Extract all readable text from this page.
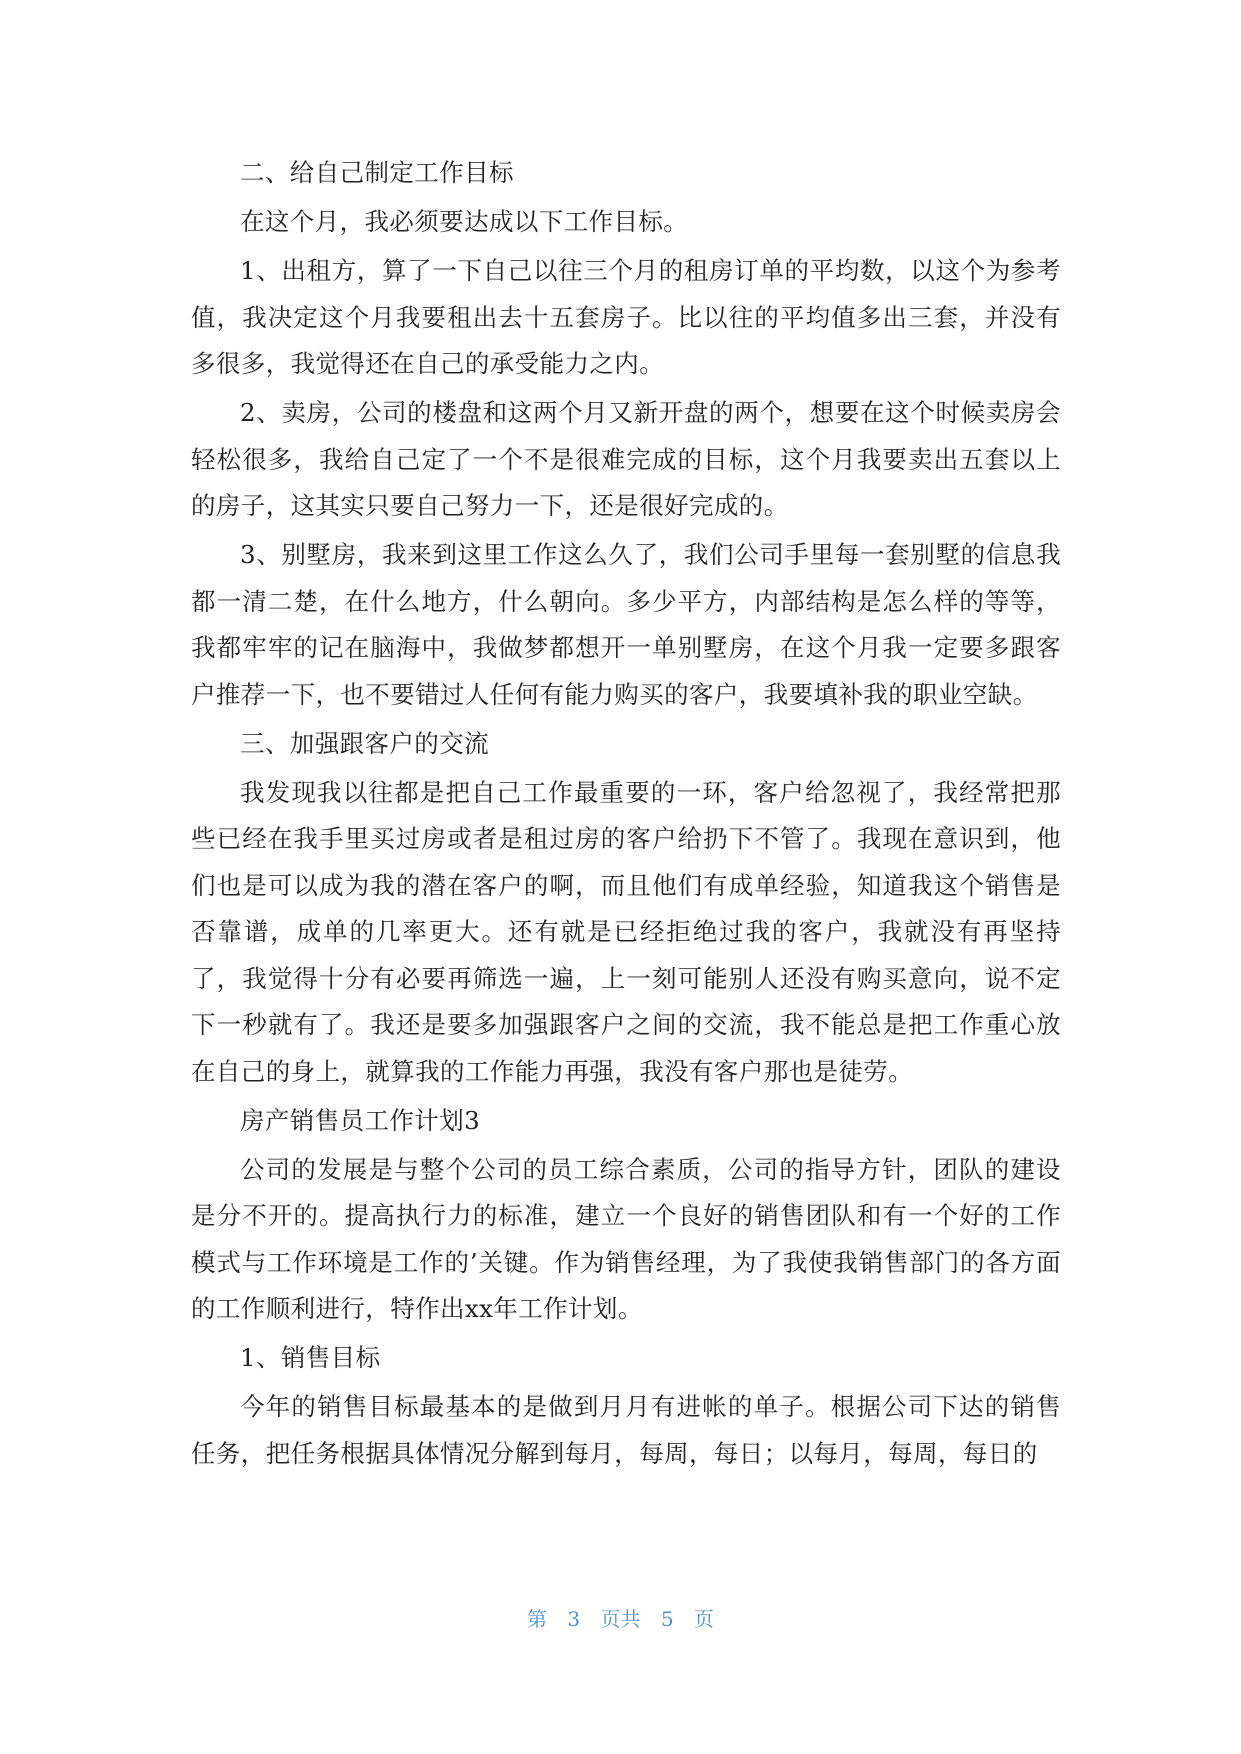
二、给自己制定工作目标

在这个月，我必须要达成以下工作目标。

1、出租方，算了一下自己以往三个月的租房订单的平均数，以这个为参考值，我决定这个月我要租出去十五套房子。比以往的平均值多出三套，并没有多很多，我觉得还在自己的承受能力之内。

2、卖房，公司的楼盘和这两个月又新开盘的两个，想要在这个时候卖房会轻松很多，我给自己定了一个不是很难完成的目标，这个月我要卖出五套以上的房子，这其实只要自己努力一下，还是很好完成的。

3、别墅房，我来到这里工作这么久了，我们公司手里每一套别墅的信息我都一清二楚，在什么地方，什么朝向。多少平方，内部结构是怎么样的等等，我都牢牢的记在脑海中，我做梦都想开一单别墅房，在这个月我一定要多跟客户推荐一下，也不要错过人任何有能力购买的客户，我要填补我的职业空缺。

三、加强跟客户的交流

我发现我以往都是把自己工作最重要的一环，客户给忽视了，我经常把那些已经在我手里买过房或者是租过房的客户给扔下不管了。我现在意识到，他们也是可以成为我的潜在客户的啊，而且他们有成单经验，知道我这个销售是否靠谱，成单的几率更大。还有就是已经拒绝过我的客户，我就没有再坚持了，我觉得十分有必要再筛选一遍，上一刻可能别人还没有购买意向，说不定下一秒就有了。我还是要多加强跟客户之间的交流，我不能总是把工作重心放在自己的身上，就算我的工作能力再强，我没有客户那也是徒劳。

房产销售员工作计划3

公司的发展是与整个公司的员工综合素质，公司的指导方针，团队的建设是分不开的。提高执行力的标准，建立一个良好的销售团队和有一个好的工作模式与工作环境是工作的’关键。作为销售经理，为了我使我销售部门的各方面的工作顺利进行，特作出xx年工作计划。

1、销售目标

今年的销售目标最基本的是做到月月有进帐的单子。根据公司下达的销售任务，把任务根据具体情况分解到每月，每周，每日；以每月，每周，每日的

第 3 页共 5 页
